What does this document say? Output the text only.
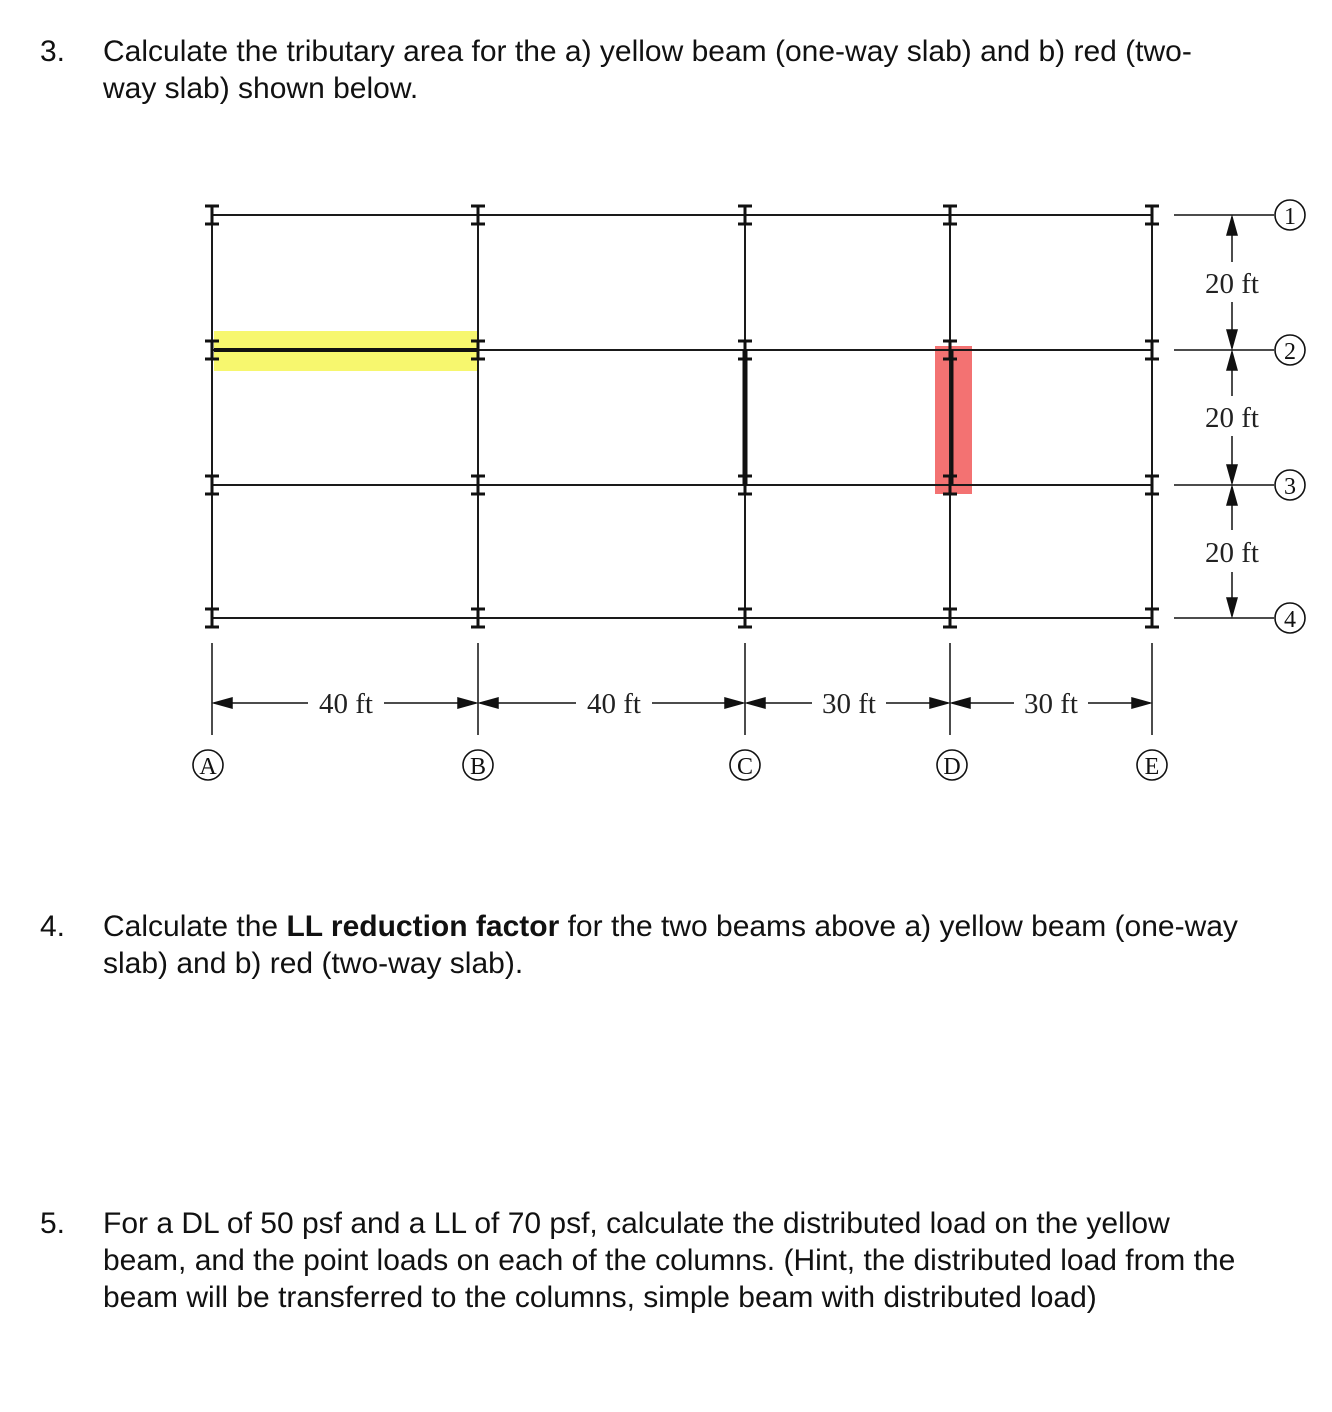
3. Calculate the tributary area for the a) yellow beam (one-way slab) and b) red (two-way slab) shown below.
40 ft	40 ft	30 ft	30 ft
A	B	C	D	E
20 ft
20 ft
20 ft
1
2
3
4
4. Calculate the LL reduction factor for the two beams above a) yellow beam (one-way slab) and b) red (two-way slab).
5. For a DL of 50 psf and a LL of 70 psf, calculate the distributed load on the yellow beam, and the point loads on each of the columns. (Hint, the distributed load from the beam will be transferred to the columns, simple beam with distributed load)
